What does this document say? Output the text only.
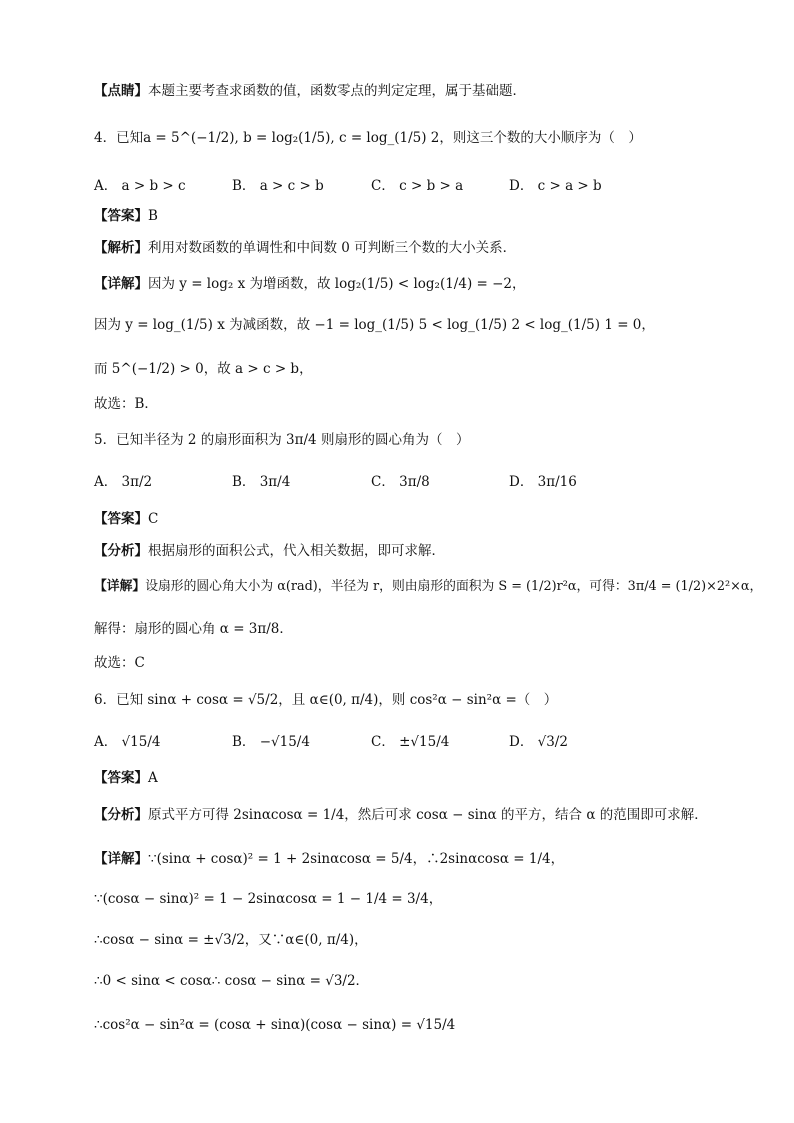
【点睛】本题主要考查求函数的值，函数零点的判定定理，属于基础题．
4．已知a = 5^(−1/2), b = log₂(1/5), c = log_(1/5) 2，则这三个数的大小顺序为（　）
A． a > b > c	B． a > c > b	C． c > b > a	D． c > a > b
【答案】B
【解析】利用对数函数的单调性和中间数 0 可判断三个数的大小关系．
【详解】因为 y = log₂ x 为增函数，故 log₂(1/5) < log₂(1/4) = −2，
因为 y = log_(1/5) x 为减函数，故 −1 = log_(1/5) 5 < log_(1/5) 2 < log_(1/5) 1 = 0，
而 5^(−1/2) > 0，故 a > c > b，
故选：B．
5．已知半径为 2 的扇形面积为 3π/4 则扇形的圆心角为（　）
A． 3π/2	B． 3π/4	C． 3π/8	D． 3π/16
【答案】C
【分析】根据扇形的面积公式，代入相关数据，即可求解．
【详解】设扇形的圆心角大小为 α(rad)，半径为 r，则由扇形的面积为 S = (1/2)r²α，可得：3π/4 = (1/2)×2²×α，
解得：扇形的圆心角 α = 3π/8．
故选：C
6．已知 sinα + cosα = √5/2，且 α∈(0, π/4)，则 cos²α − sin²α =（　）
A． √15/4	B． −√15/4	C． ±√15/4	D． √3/2
【答案】A
【分析】原式平方可得 2sinαcosα = 1/4，然后可求 cosα − sinα 的平方，结合 α 的范围即可求解．
【详解】∵(sinα + cosα)² = 1 + 2sinαcosα = 5/4，∴2sinαcosα = 1/4，
∵(cosα − sinα)² = 1 − 2sinαcosα = 1 − 1/4 = 3/4，
∴cosα − sinα = ±√3/2，又∵α∈(0, π/4)，
∴0 < sinα < cosα∴ cosα − sinα = √3/2．
∴cos²α − sin²α = (cosα + sinα)(cosα − sinα) = √15/4
